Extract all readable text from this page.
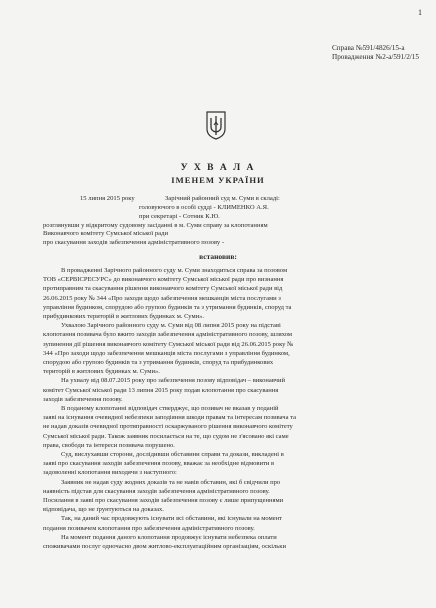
1
Справа №591/4826/15-а
Провадження №2-а/591/2/15
У Х В А Л А
ІМЕНЕМ УКРАЇНИ
15 липня 2015 року	Зарічний районний суд м. Суми в складі:
головуючого в особі судді - КЛИМЕНКО А.Я.
при секретарі - Сотник К.Ю.
розглянувши у відкритому судовому засіданні в м. Суми справу за клопотанням
Виконавчого комітету Сумської міської ради
про скасування заходів забезпечення адміністративного позову -
встановив:
В провадженні Зарічного районного суду м. Суми знаходиться справа за позовом
ТОВ «СЕРВІСРЕСУРС» до виконавчого комітету Сумської міської ради про визнання
протиправним та скасування рішення виконавчого комітету Сумської міської ради від
26.06.2015 року № 344 «Про заходи щодо забезпечення мешканців міста послугами з
управління будинком, спорудою або групою будинків та з утримання будинків, споруд та
прибудинкових територій в житлових будинках м. Суми».
Ухвалою Зарічного районного суду м. Суми від 08 липня 2015 року на підставі
клопотання позивача було вжито заходів забезпечення адміністративного позову, шляхом
зупинення дії рішення виконавчого комітету Сумської міської ради від 26.06.2015 року №
344 «Про заходи щодо забезпечення мешканців міста послугами з управління будинком,
спорудою або групою будинків та з утримання будинків, споруд та прибудинкових
територій в житлових будинках м. Суми».
На ухвалу від 08.07.2015 року про забезпечення позову відповідач – виконавчий
комітет Сумської міської ради 13 липня 2015 року подав клопотання про скасування
заходів забезпечення позову.
В поданому клопотанні відповідач стверджує, що позивач не вказав у поданій
заяві на існування очевидної небезпеки заподіяння шкоди правам та інтересам позивача та
не надав доказів очевидної протиправності оскаржуваного рішення виконавчого комітету
Сумської міської ради. Також заявник посилається на те, що судом не з'ясовано які саме
права, свободи та інтереси позивача порушено.
Суд, вислухавши сторони, дослідивши обставини справи та докази, викладені в
заяві про скасування заходів забезпечення позову, вважає за необхідне відмовити в
задоволенні клопотання виходячи з наступного:
Заявник не надав суду жодних доказів та не навів обставин, які б свідчили про
наявність підстав для скасування заходів забезпечення адміністративного позову.
Посилання в заяві про скасування заходів забезпечення позову є лише припущеннями
відповідача, що не ґрунтуються на доказах.
Так, на даний час продовжують існувати всі обставини, які існували на момент
подання позивачем клопотання про забезпечення адміністративного позову.
На момент подання даного клопотання продовжує існувати небезпека оплати
споживачами послуг одночасно двом житлово-експлуатаційним організаціям, оскільки
